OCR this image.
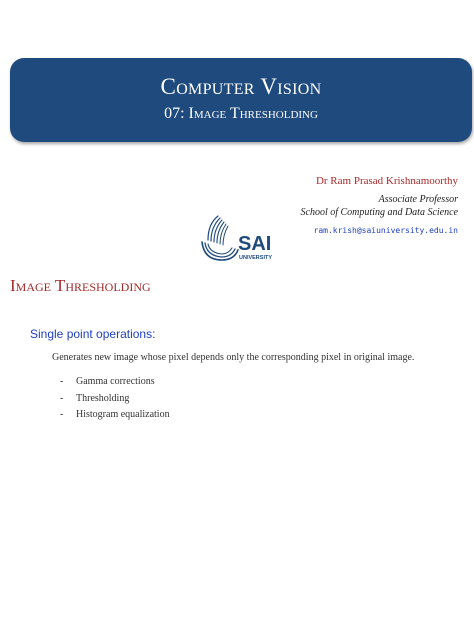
Computer Vision
07: Image Thresholding
Dr Ram Prasad Krishnamoorthy
Associate Professor
School of Computing and Data Science
ram.krish@saiuniversity.edu.in
SAI
UNIVERSITY
Image Thresholding
Single point operations:
Generates new image whose pixel depends only the corresponding pixel in original image.
- Gamma corrections
- Thresholding
- Histogram equalization
